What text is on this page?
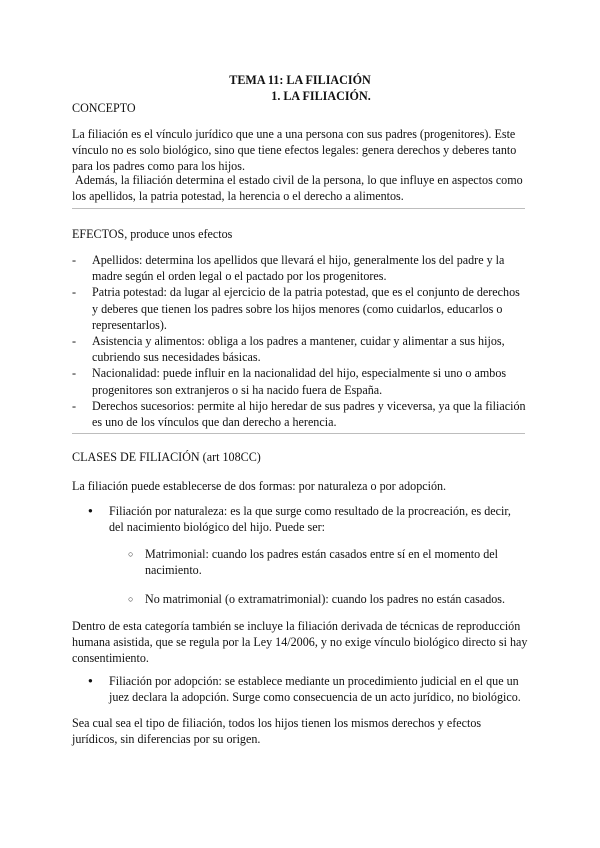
TEMA 11: LA FILIACIÓN
1. LA FILIACIÓN.
CONCEPTO
La filiación es el vínculo jurídico que une a una persona con sus padres (progenitores). Este vínculo no es solo biológico, sino que tiene efectos legales: genera derechos y deberes tanto para los padres como para los hijos.
Además, la filiación determina el estado civil de la persona, lo que influye en aspectos como los apellidos, la patria potestad, la herencia o el derecho a alimentos.
EFECTOS, produce unos efectos
- Apellidos: determina los apellidos que llevará el hijo, generalmente los del padre y la madre según el orden legal o el pactado por los progenitores.
- Patria potestad: da lugar al ejercicio de la patria potestad, que es el conjunto de derechos y deberes que tienen los padres sobre los hijos menores (como cuidarlos, educarlos o representarlos).
- Asistencia y alimentos: obliga a los padres a mantener, cuidar y alimentar a sus hijos, cubriendo sus necesidades básicas.
- Nacionalidad: puede influir en la nacionalidad del hijo, especialmente si uno o ambos progenitores son extranjeros o si ha nacido fuera de España.
- Derechos sucesorios: permite al hijo heredar de sus padres y viceversa, ya que la filiación es uno de los vínculos que dan derecho a herencia.
CLASES DE FILIACIÓN (art 108CC)
La filiación puede establecerse de dos formas: por naturaleza o por adopción.
● Filiación por naturaleza: es la que surge como resultado de la procreación, es decir, del nacimiento biológico del hijo. Puede ser:
○ Matrimonial: cuando los padres están casados entre sí en el momento del nacimiento.
○ No matrimonial (o extramatrimonial): cuando los padres no están casados.
Dentro de esta categoría también se incluye la filiación derivada de técnicas de reproducción humana asistida, que se regula por la Ley 14/2006, y no exige vínculo biológico directo si hay consentimiento.
● Filiación por adopción: se establece mediante un procedimiento judicial en el que un juez declara la adopción. Surge como consecuencia de un acto jurídico, no biológico.
Sea cual sea el tipo de filiación, todos los hijos tienen los mismos derechos y efectos jurídicos, sin diferencias por su origen.
